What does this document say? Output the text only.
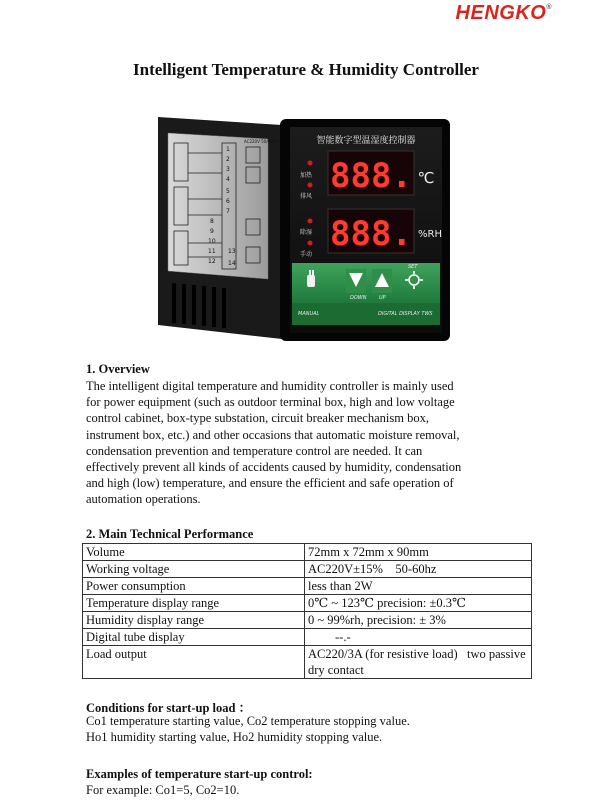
HENGKO®
Intelligent Temperature & Humidity Controller
1
2
3
4
5
6
7
8
9
10
11
12
13
14
AC220V 50/60Hz	智能数字型温湿度控制器
888. ℃
888. %RH
加热
排风
除湿
手动
DOWN	UP
SET
MANUAL	DIGITAL DISPLAY TWS
1. Overview
The intelligent digital temperature and humidity controller is mainly used
for power equipment (such as outdoor terminal box, high and low voltage
control cabinet, box-type substation, circuit breaker mechanism box,
instrument box, etc.) and other occasions that automatic moisture removal,
condensation prevention and temperature control are needed. It can
effectively prevent all kinds of accidents caused by humidity, condensation
and high (low) temperature, and ensure the efficient and safe operation of
automation operations.
2. Main Technical Performance
Volume	72mm x 72mm x 90mm
Working voltage	AC220V±15%    50-60hz
Power consumption	less than 2W
Temperature display range	0℃ ~ 123℃ precision: ±0.3℃
Humidity display range	0 ~ 99%rh, precision: ± 3%
Digital tube display	--.-
Load output	AC220/3A (for resistive load)   two passive dry contact
Conditions for start-up load ：
Co1 temperature starting value, Co2 temperature stopping value.
Ho1 humidity starting value, Ho2 humidity stopping value.
Examples of temperature start-up control:
For example: Co1=5, Co2=10.
